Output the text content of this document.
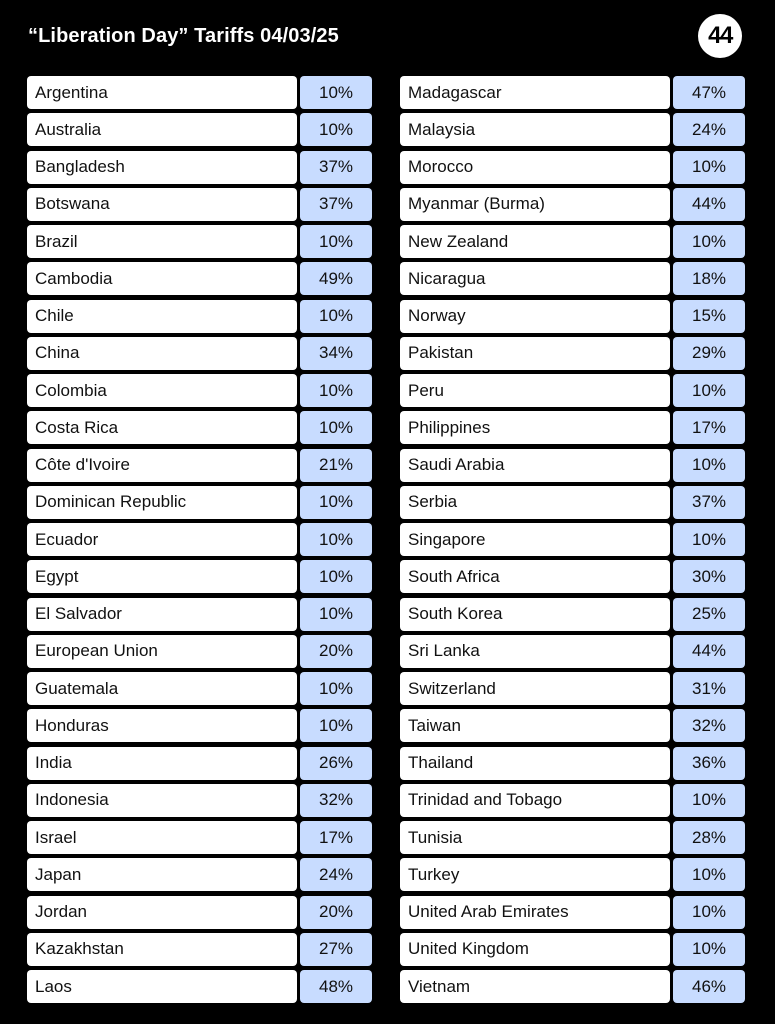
“Liberation Day” Tariffs 04/03/25	44
Argentina	10%
Australia	10%
Bangladesh	37%
Botswana	37%
Brazil	10%
Cambodia	49%
Chile	10%
China	34%
Colombia	10%
Costa Rica	10%
Côte d'Ivoire	21%
Dominican Republic	10%
Ecuador	10%
Egypt	10%
El Salvador	10%
European Union	20%
Guatemala	10%
Honduras	10%
India	26%
Indonesia	32%
Israel	17%
Japan	24%
Jordan	20%
Kazakhstan	27%
Laos	48%
Madagascar	47%
Malaysia	24%
Morocco	10%
Myanmar (Burma)	44%
New Zealand	10%
Nicaragua	18%
Norway	15%
Pakistan	29%
Peru	10%
Philippines	17%
Saudi Arabia	10%
Serbia	37%
Singapore	10%
South Africa	30%
South Korea	25%
Sri Lanka	44%
Switzerland	31%
Taiwan	32%
Thailand	36%
Trinidad and Tobago	10%
Tunisia	28%
Turkey	10%
United Arab Emirates	10%
United Kingdom	10%
Vietnam	46%
